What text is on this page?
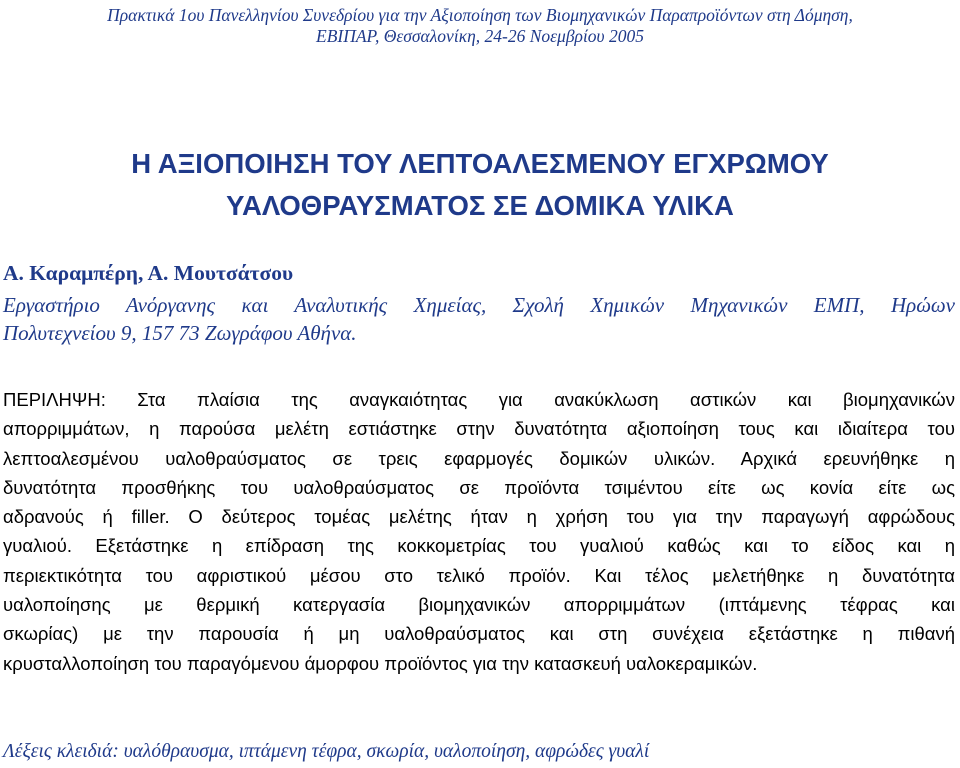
Πρακτικά 1ου Πανελληνίου Συνεδρίου για την Αξιοποίηση των Βιομηχανικών Παραπροϊόντων στη Δόμηση,
ΕΒΙΠΑΡ, Θεσσαλονίκη, 24-26 Νοεμβρίου 2005
Η ΑΞΙΟΠΟΙΗΣΗ ΤΟΥ ΛΕΠΤΟΑΛΕΣΜΕΝΟΥ ΕΓΧΡΩΜΟΥ
ΥΑΛΟΘΡΑΥΣΜΑΤΟΣ ΣΕ ΔΟΜΙΚΑ ΥΛΙΚΑ
Α. Καραμπέρη, Α. Μουτσάτσου
Εργαστήριο Ανόργανης και Αναλυτικής Χημείας, Σχολή Χημικών Μηχανικών ΕΜΠ, Ηρώων
Πολυτεχνείου 9, 157 73 Ζωγράφου Αθήνα.
ΠΕΡΙΛΗΨΗ: Στα πλαίσια της αναγκαιότητας για ανακύκλωση αστικών και βιομηχανικών
απορριμμάτων, η παρούσα μελέτη εστιάστηκε στην δυνατότητα αξιοποίηση τους και ιδιαίτερα του
λεπτοαλεσμένου υαλοθραύσματος σε τρεις εφαρμογές δομικών υλικών. Αρχικά ερευνήθηκε η
δυνατότητα προσθήκης του υαλοθραύσματος σε προϊόντα τσιμέντου είτε ως κονία είτε ως
αδρανούς ή filler. Ο δεύτερος τομέας μελέτης ήταν η χρήση του για την παραγωγή αφρώδους
γυαλιού. Εξετάστηκε η επίδραση της κοκκομετρίας του γυαλιού καθώς και το είδος και η
περιεκτικότητα του αφριστικού μέσου στο τελικό προϊόν. Και τέλος μελετήθηκε η δυνατότητα
υαλοποίησης με θερμική κατεργασία βιομηχανικών απορριμμάτων (ιπτάμενης τέφρας και
σκωρίας) με την παρουσία ή μη υαλοθραύσματος και στη συνέχεια εξετάστηκε η πιθανή
κρυσταλλοποίηση του παραγόμενου άμορφου προϊόντος για την κατασκευή υαλοκεραμικών.
Λέξεις κλειδιά: υαλόθραυσμα, ιπτάμενη τέφρα, σκωρία, υαλοποίηση, αφρώδες γυαλί
